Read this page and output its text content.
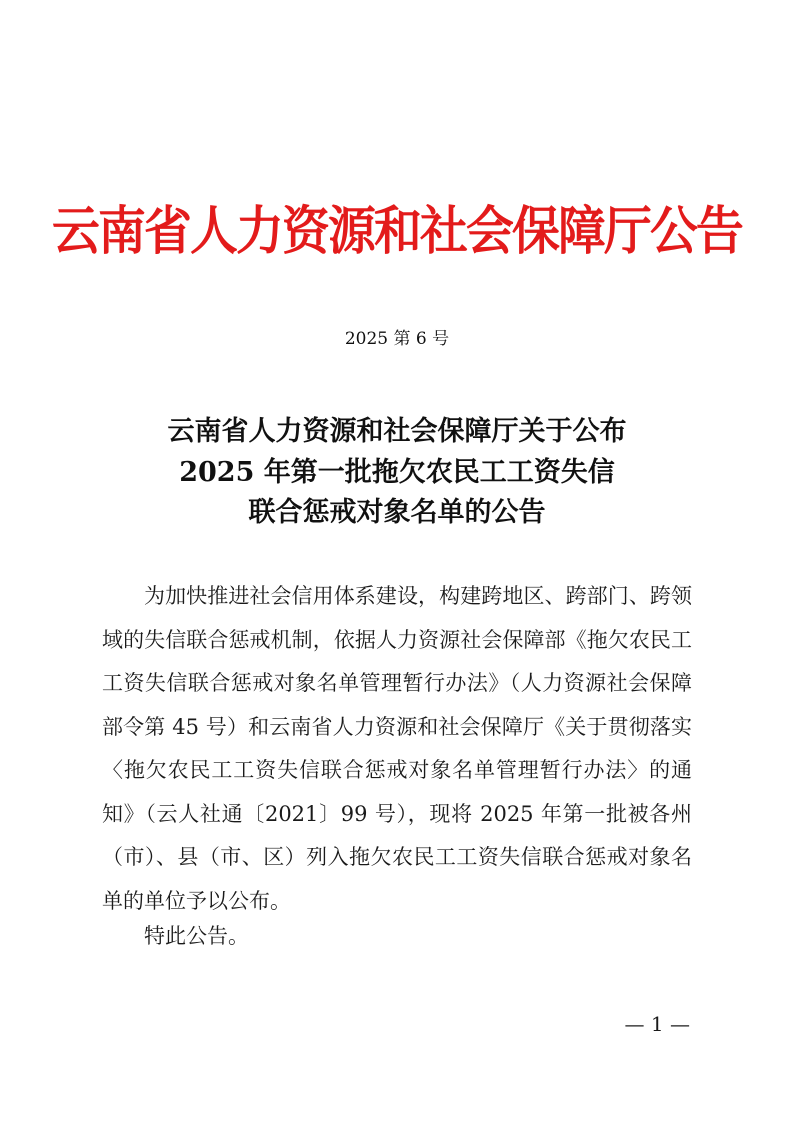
云南省人力资源和社会保障厅公告
2025 第 6 号
云南省人力资源和社会保障厅关于公布
2025 年第一批拖欠农民工工资失信
联合惩戒对象名单的公告

为加快推进社会信用体系建设，构建跨地区、跨部门、跨领域的失信联合惩戒机制，依据人力资源社会保障部《拖欠农民工工资失信联合惩戒对象名单管理暂行办法》（人力资源社会保障部令第 45 号）和云南省人力资源和社会保障厅《关于贯彻落实〈拖欠农民工工资失信联合惩戒对象名单管理暂行办法〉的通知》（云人社通〔2021〕99 号），现将 2025 年第一批被各州（市）、县（市、区）列入拖欠农民工工资失信联合惩戒对象名单的单位予以公布。

特此公告。
— 1 —
